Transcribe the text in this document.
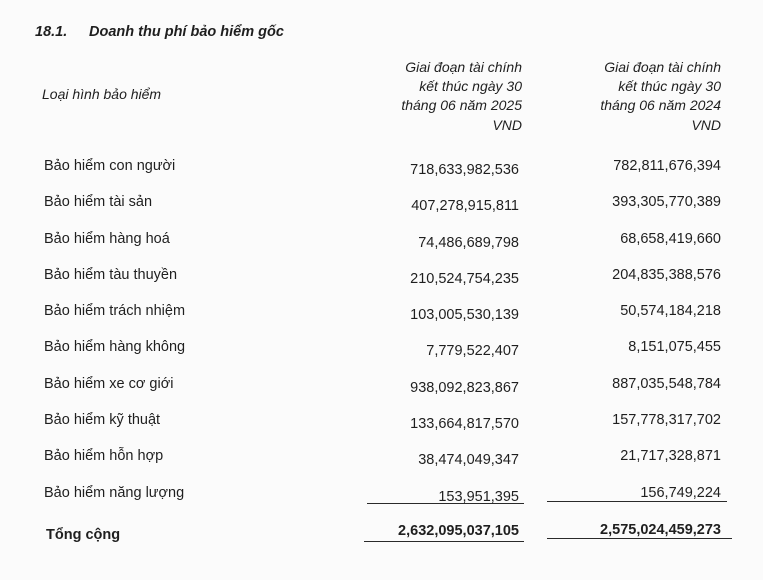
18.1. Doanh thu phí bảo hiểm gốc
Loại hình bảo hiểm
Giai đoạn tài chính
kết thúc ngày 30
tháng 06 năm 2025
VND
Giai đoạn tài chính
kết thúc ngày 30
tháng 06 năm 2024
VND
Bảo hiểm con người	718,633,982,536	782,811,676,394
Bảo hiểm tài sản	407,278,915,811	393,305,770,389
Bảo hiểm hàng hoá	74,486,689,798	68,658,419,660
Bảo hiểm tàu thuyền	210,524,754,235	204,835,388,576
Bảo hiểm trách nhiệm	103,005,530,139	50,574,184,218
Bảo hiểm hàng không	7,779,522,407	8,151,075,455
Bảo hiểm xe cơ giới	938,092,823,867	887,035,548,784
Bảo hiểm kỹ thuật	133,664,817,570	157,778,317,702
Bảo hiểm hỗn hợp	38,474,049,347	21,717,328,871
Bảo hiểm năng lượng	153,951,395	156,749,224
Tổng cộng	2,632,095,037,105	2,575,024,459,273
